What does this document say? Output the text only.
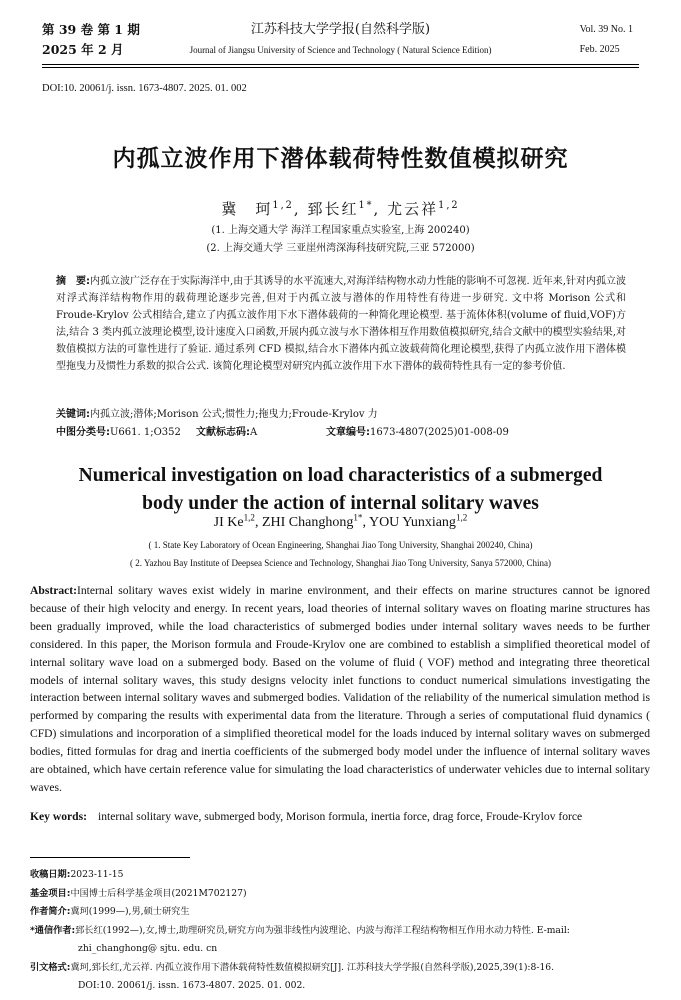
第 39 卷 第 1 期
2025 年 2 月
江苏科技大学学报(自然科学版)
Journal of Jiangsu University of Science and Technology ( Natural Science Edition)
Vol. 39 No. 1
Feb. 2025
DOI:10. 20061/j. issn. 1673-4807. 2025. 01. 002
内孤立波作用下潜体载荷特性数值模拟研究
冀　珂$^{1,2}$, 郅长红$^{1*}$, 尤云祥$^{1,2}$
(1. 上海交通大学 海洋工程国家重点实验室,上海 200240)
(2. 上海交通大学 三亚崖州湾深海科技研究院,三亚 572000)
摘　要:内孤立波广泛存在于实际海洋中,由于其诱导的水平流速大,对海洋结构物水动力性能的影响不可忽视. 近年来,针对内孤立波对浮式海洋结构物作用的载荷理论逐步完善,但对于内孤立波与潜体的作用特性有待进一步研究. 文中将 Morison 公式和 Froude-Krylov 公式相结合,建立了内孤立波作用下水下潜体载荷的一种简化理论模型. 基于流体体积(volume of fluid,VOF)方法,结合 3 类内孤立波理论模型,设计速度入口函数,开展内孤立波与水下潜体相互作用数值模拟研究,结合文献中的模型实验结果,对数值模拟方法的可靠性进行了验证. 通过系列 CFD 模拟,结合水下潜体内孤立波载荷简化理论模型,获得了内孤立波作用下潜体模型拖曳力及惯性力系数的拟合公式. 该简化理论模型对研究内孤立波作用下水下潜体的载荷特性具有一定的参考价值.
关键词:内孤立波;潜体;Morison 公式;惯性力;拖曳力;Froude-Krylov 力
中图分类号:U661. 1;O352 文献标志码:A	文章编号:1673-4807(2025)01-008-09
Numerical investigation on load characteristics of a submerged
body under the action of internal solitary waves
JI Ke$^{1,2}$, ZHI Changhong$^{1*}$, YOU Yunxiang$^{1,2}$
( 1. State Key Laboratory of Ocean Engineering, Shanghai Jiao Tong University, Shanghai 200240, China)
( 2. Yazhou Bay Institute of Deepsea Science and Technology, Shanghai Jiao Tong University, Sanya 572000, China)
Abstract:Internal solitary waves exist widely in marine environment, and their effects on marine structures cannot be ignored because of their high velocity and energy. In recent years, load theories of internal solitary waves on floating marine structures has been gradually improved, while the load characteristics of submerged bodies under internal solitary waves needs to be further considered. In this paper, the Morison formula and Froude-Krylov one are combined to establish a simplified theoretical model of internal solitary wave load on a submerged body. Based on the volume of fluid ( VOF) method and integrating three theoretical models of internal solitary waves, this study designs velocity inlet functions to conduct numerical simulations investigating the interaction between internal solitary waves and submerged bodies. Validation of the reliability of the numerical simulation method is performed by comparing the results with experimental data from the literature. Through a series of computational fluid dynamics ( CFD) simulations and incorporation of a simplified theoretical model for the loads induced by internal solitary waves on submerged bodies, fitted formulas for drag and inertia coefficients of the submerged body model under the influence of internal solitary waves are obtained, which have certain reference value for simulating the load characteristics of underwater vehicles due to internal solitary waves.
Key words: internal solitary wave, submerged body, Morison formula, inertia force, drag force, Froude-Krylov force
收稿日期:2023-11-15
基金项目:中国博士后科学基金项目(2021M702127)
作者简介:冀珂(1999—),男,硕士研究生
*通信作者:郅长红(1992—),女,博士,助理研究员,研究方向为强非线性内波理论、内波与海洋工程结构物相互作用水动力特性. E-mail:
zhi_changhong@ sjtu. edu. cn
引文格式:冀珂,郅长红,尤云祥. 内孤立波作用下潜体载荷特性数值模拟研究[J]. 江苏科技大学学报(自然科学版),2025,39(1):8-16.
DOI:10. 20061/j. issn. 1673-4807. 2025. 01. 002.
